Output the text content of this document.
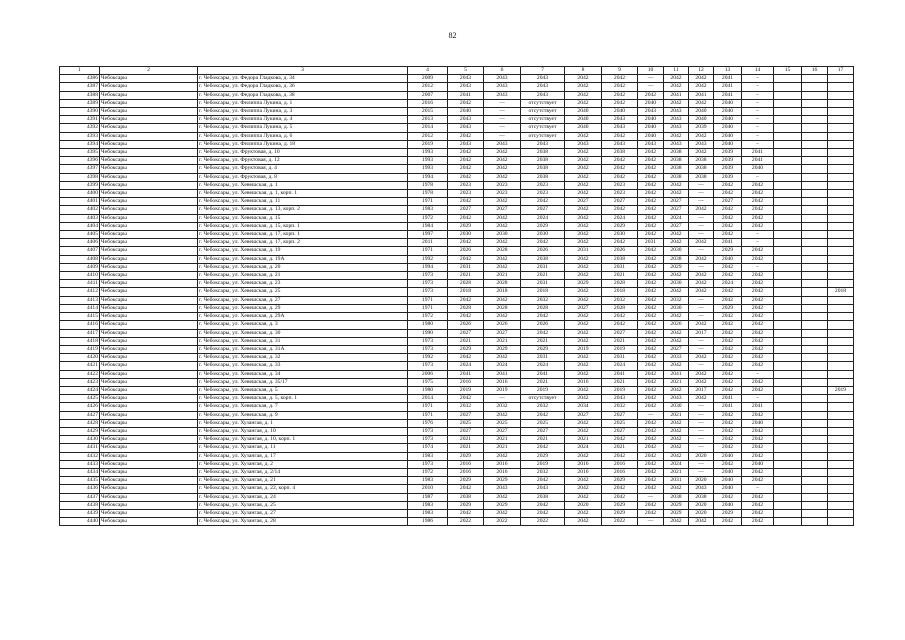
82
1	2	3	4	5	6	7	8	9	10	11	12	13	14	15	16	17
4386	Чебоксары	г. Чебоксары, ул. Федора Гладкова, д. 34	2009	2043	2043	2043	2042	2042	—	2042	2042	2041	–			
4387	Чебоксары	г. Чебоксары, ул. Федора Гладкова, д. 36	2012	2043	2043	2043	2042	2042	—	2042	2042	2041	–			
4388	Чебоксары	г. Чебоксары, ул. Федора Гладкова, д. 38	2007	2041	2043	2043	2042	2042	2042	2041	2041	2041	–			
4389	Чебоксары	г. Чебоксары, ул. Филиппа Лукина, д. 1	2016	2042	—	отсутствует	2042	2042	2040	2042	2042	2040	–			
4390	Чебоксары	г. Чебоксары, ул. Филиппа Лукина, д. 3	2015	2040	—	отсутствует	2040	2040	2043	2043	2040	2040	–			
4391	Чебоксары	г. Чебоксары, ул. Филиппа Лукина, д. 4	2013	2043	—	отсутствует	2040	2043	2040	2043	2040	2040	–			
4392	Чебоксары	г. Чебоксары, ул. Филиппа Лукина, д. 5	2014	2043	—	отсутствует	2040	2043	2040	2043	2039	2040	–			
4393	Чебоксары	г. Чебоксары, ул. Филиппа Лукина, д. 6	2012	2042	—	отсутствует	2042	2042	2040	2042	2042	2040	–			
4394	Чебоксары	г. Чебоксары, ул. Филиппа Лукина, д. 18	2019	2043	2043	2043	2043	2043	2043	2043	2043	2040	–			
4395	Чебоксары	г. Чебоксары, ул. Фруктовая, д. 10	1993	2042	2042	2038	2042	2038	2042	2038	2042	2039	2041			
4396	Чебоксары	г. Чебоксары, ул. Фруктовая, д. 12	1993	2042	2042	2038	2042	2042	2042	2038	2038	2039	2041			
4397	Чебоксары	г. Чебоксары, ул. Фруктовая, д. 4	1993	2042	2042	2038	2042	2042	2042	2038	2038	2039	2040			
4398	Чебоксары	г. Чебоксары, ул. Фруктовая, д. 8	1994	2042	2042	2038	2042	2042	2042	2038	2038	2039	–			
4399	Чебоксары	г. Чебоксары, ул. Хевешская, д. 1	1978	2023	2023	2023	2042	2023	2042	2042	—	2042	2042			
4400	Чебоксары	г. Чебоксары, ул. Хевешская, д. 1, корп. 1	1978	2023	2023	2023	2042	2023	2042	2042	—	2042	2042			
4401	Чебоксары	г. Чебоксары, ул. Хевешская, д. 11	1971	2042	2042	2042	2027	2027	2042	2027	—	2027	2042			
4402	Чебоксары	г. Чебоксары, ул. Хевешская, д. 13, корп. 2	1983	2027	2027	2027	2042	2042	2042	2027	2042	2042	2042			
4403	Чебоксары	г. Чебоксары, ул. Хевешская, д. 15	1972	2042	2042	2024	2042	2024	2042	2024	—	2042	2042			
4404	Чебоксары	г. Чебоксары, ул. Хевешская, д. 15, корп. 1	1984	2029	2042	2029	2042	2029	2042	2027	—	2042	2042			
4405	Чебоксары	г. Чебоксары, ул. Хевешская, д. 17, корп. 1	1997	2030	2030	2030	2042	2030	2042	2042	—	2042	–			
4406	Чебоксары	г. Чебоксары, ул. Хевешская, д. 17, корп. 2	2011	2042	2042	2042	2042	2042	2031	2042	2042	2041	–			
4407	Чебоксары	г. Чебоксары, ул. Хевешская, д. 19	1971	2026	2028	2026	2031	2026	2042	2030	—	2029	2042			
4408	Чебоксары	г. Чебоксары, ул. Хевешская, д. 19А	1992	2042	2042	2038	2042	2038	2042	2038	2042	2040	2042			
4409	Чебоксары	г. Чебоксары, ул. Хевешская, д. 20	1994	2031	2042	2031	2042	2031	2042	2029	—	2042	–			
4410	Чебоксары	г. Чебоксары, ул. Хевешская, д. 21	1973	2021	2021	2021	2042	2021	2042	2042	2042	2042	2042			
4411	Чебоксары	г. Чебоксары, ул. Хевешская, д. 23	1973	2028	2028	2031	2029	2028	2042	2030	2042	2024	2042			
4412	Чебоксары	г. Чебоксары, ул. Хевешская, д. 25	1973	2018	2018	2018	2042	2018	2042	2042	2042	2042	2042			2018
4413	Чебоксары	г. Чебоксары, ул. Хевешская, д. 27	1971	2042	2042	2032	2042	2032	2042	2032	—	2042	2042			
4414	Чебоксары	г. Чебоксары, ул. Хевешская, д. 29	1971	2028	2028	2028	2027	2028	2042	2030	—	2029	2042			
4415	Чебоксары	г. Чебоксары, ул. Хевешская, д. 29А	1972	2042	2042	2042	2042	2042	2042	2042	—	2042	2042			
4416	Чебоксары	г. Чебоксары, ул. Хевешская, д. 3	1980	2026	2026	2026	2042	2042	2042	2026	2042	2042	2042			
4417	Чебоксары	г. Чебоксары, ул. Хевешская, д. 30	1990	2027	2027	2042	2042	2027	2042	2042	2017	2042	2042			
4418	Чебоксары	г. Чебоксары, ул. Хевешская, д. 31	1973	2021	2021	2021	2042	2021	2042	2042	—	2042	2042			
4419	Чебоксары	г. Чебоксары, ул. Хевешская, д. 31А	1973	2029	2029	2029	2019	2019	2042	2027	—	2042	2042			
4420	Чебоксары	г. Чебоксары, ул. Хевешская, д. 32	1992	2042	2042	2031	2042	2031	2042	2033	2042	2042	2042			
4421	Чебоксары	г. Чебоксары, ул. Хевешская, д. 33	1973	2024	2024	2024	2042	2024	2042	2042	—	2042	2042			
4422	Чебоксары	г. Чебоксары, ул. Хевешская, д. 34	2006	2041	2041	2041	2042	2041	2042	2041	2042	2042	–			
4423	Чебоксары	г. Чебоксары, ул. Хевешская, д. 35/17	1975	2016	2016	2021	2016	2021	2042	2021	2042	2042	2042			
4424	Чебоксары	г. Чебоксары, ул. Хевешская, д. 5	1980	2019	2019	2019	2042	2019	2042	2042	2017	2042	2042			2019
4425	Чебоксары	г. Чебоксары, ул. Хевешская, д. 5, корп. 1	2014	2042	—	отсутствует	2042	2043	2042	2043	2042	2041	–			
4426	Чебоксары	г. Чебоксары, ул. Хевешская, д. 7	1971	2032	2032	2032	2034	2032	2042	2030	—	2041	2041			
4427	Чебоксары	г. Чебоксары, ул. Хевешская, д. 9	1971	2027	2042	2042	2027	2027	—	2021	—	2042	2042			
4428	Чебоксары	г. Чебоксары, ул. Хузангая, д. 1	1976	2025	2025	2025	2042	2025	2042	2042	—	2042	2040			
4429	Чебоксары	г. Чебоксары, ул. Хузангая, д. 10	1973	2027	2027	2027	2042	2027	2042	2042	—	2042	2042			
4430	Чебоксары	г. Чебоксары, ул. Хузангая, д. 10, корп. 1	1973	2021	2021	2021	2021	2042	2042	2042	—	2042	2042			
4431	Чебоксары	г. Чебоксары, ул. Хузангая, д. 11	1974	2021	2021	2042	2024	2021	2042	2042	—	2042	2042			
4432	Чебоксары	г. Чебоксары, ул. Хузангая, д. 17	1983	2029	2042	2029	2042	2042	2042	2042	2020	2040	2042			
4433	Чебоксары	г. Чебоксары, ул. Хузангая, д. 2	1973	2016	2016	2019	2016	2016	2042	2024	—	2042	2040			
4434	Чебоксары	г. Чебоксары, ул. Хузангая, д. 2/14	1972	2016	2016	2032	2016	2016	2042	2021	—	2040	2042			
4435	Чебоксары	г. Чебоксары, ул. Хузангая, д. 21	1983	2029	2029	2042	2042	2029	2042	2031	2020	2040	2042			
4436	Чебоксары	г. Чебоксары, ул. Хузангая, д. 22, корп. 4	2010	2042	2043	2043	2042	2042	2042	2042	2043	2040	–			
4437	Чебоксары	г. Чебоксары, ул. Хузангая, д. 24	1987	2038	2042	2038	2042	2042	—	2038	2038	2042	2042			
4438	Чебоксары	г. Чебоксары, ул. Хузангая, д. 25	1983	2029	2029	2042	2020	2029	2042	2029	2020	2040	2042			
4439	Чебоксары	г. Чебоксары, ул. Хузангая, д. 27	1983	2042	2042	2042	2042	2029	2042	2029	2020	2029	2042			
4440	Чебоксары	г. Чебоксары, ул. Хузангая, д. 28	1986	2022	2022	2022	2042	2022	—	2042	2042	2042	2042			
